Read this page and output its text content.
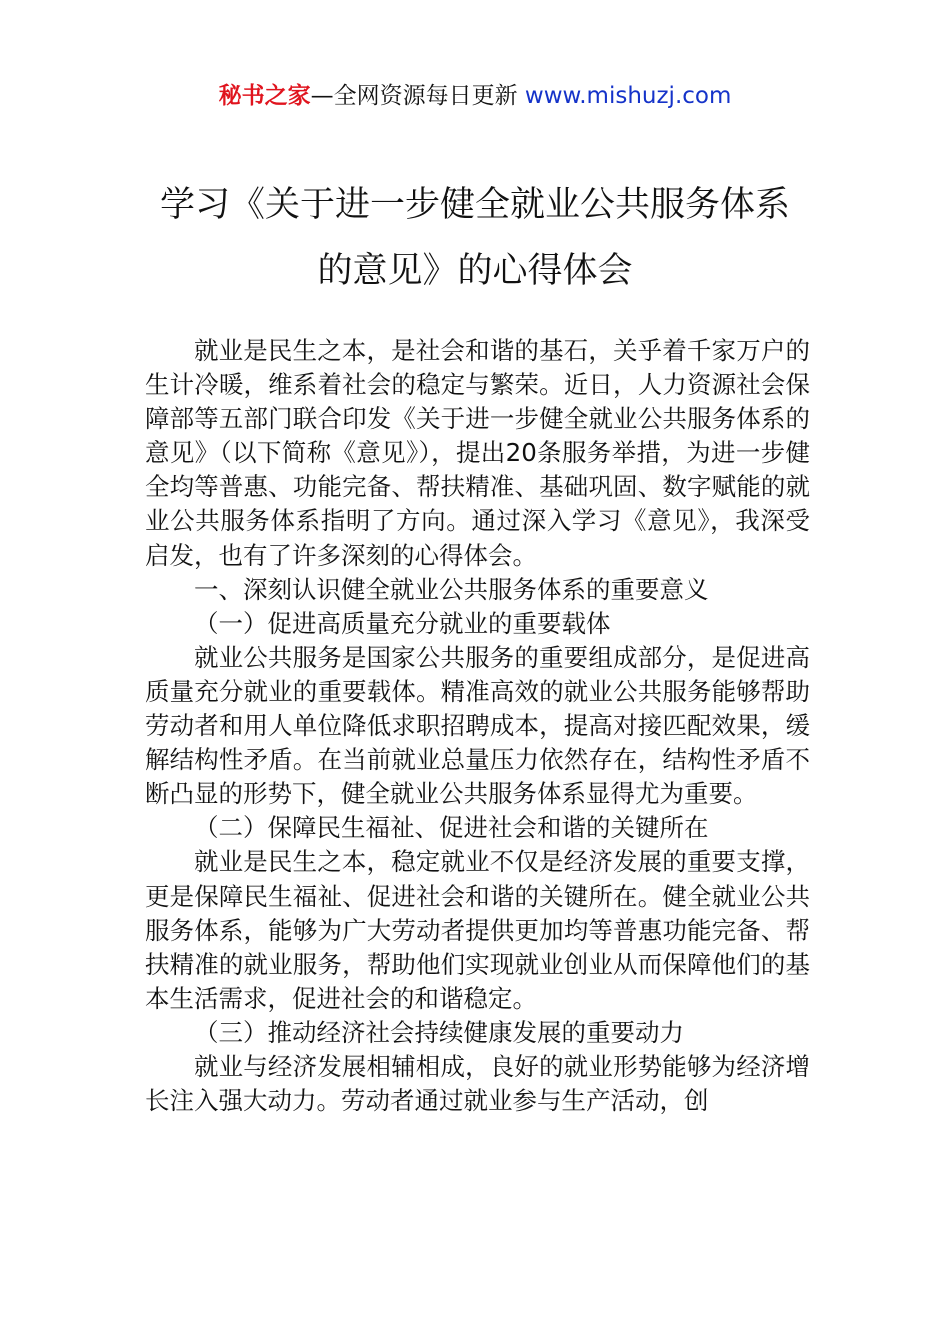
秘书之家—全网资源每日更新 www.mishuzj.com
学习《关于进一步健全就业公共服务体系
的意见》的心得体会

就业是民生之本，是社会和谐的基石，关乎着千家万户的生计冷暖，维系着社会的稳定与繁荣。近日，人力资源社会保障部等五部门联合印发《关于进一步健全就业公共服务体系的意见》（以下简称《意见》），提出20条服务举措，为进一步健全均等普惠、功能完备、帮扶精准、基础巩固、数字赋能的就业公共服务体系指明了方向。通过深入学习《意见》，我深受启发，也有了许多深刻的心得体会。

一、深刻认识健全就业公共服务体系的重要意义

（一）促进高质量充分就业的重要载体

就业公共服务是国家公共服务的重要组成部分，是促进高质量充分就业的重要载体。精准高效的就业公共服务能够帮助劳动者和用人单位降低求职招聘成本，提高对接匹配效果，缓解结构性矛盾。在当前就业总量压力依然存在，结构性矛盾不断凸显的形势下，健全就业公共服务体系显得尤为重要。

（二）保障民生福祉、促进社会和谐的关键所在

就业是民生之本，稳定就业不仅是经济发展的重要支撑，更是保障民生福祉、促进社会和谐的关键所在。健全就业公共服务体系，能够为广大劳动者提供更加均等普惠功能完备、帮扶精准的就业服务，帮助他们实现就业创业从而保障他们的基本生活需求，促进社会的和谐稳定。

（三）推动经济社会持续健康发展的重要动力

就业与经济发展相辅相成，良好的就业形势能够为经济增长注入强大动力。劳动者通过就业参与生产活动，创
